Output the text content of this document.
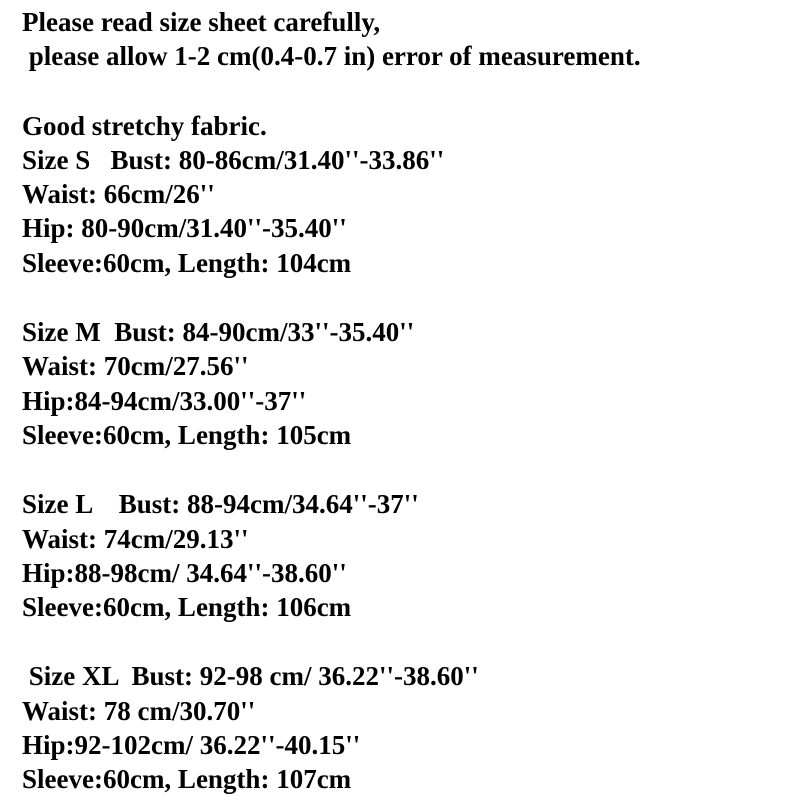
Please read size sheet carefully,
please allow 1-2 cm(0.4-0.7 in) error of measurement.
Good stretchy fabric.
Size S   Bust: 80-86cm/31.40''-33.86''
Waist: 66cm/26''
Hip: 80-90cm/31.40''-35.40''
Sleeve:60cm, Length: 104cm
Size M  Bust: 84-90cm/33''-35.40''
Waist: 70cm/27.56''
Hip:84-94cm/33.00''-37''
Sleeve:60cm, Length: 105cm
Size L    Bust: 88-94cm/34.64''-37''
Waist: 74cm/29.13''
Hip:88-98cm/ 34.64''-38.60''
Sleeve:60cm, Length: 106cm
Size XL  Bust: 92-98 cm/ 36.22''-38.60''
Waist: 78 cm/30.70''
Hip:92-102cm/ 36.22''-40.15''
Sleeve:60cm, Length: 107cm
